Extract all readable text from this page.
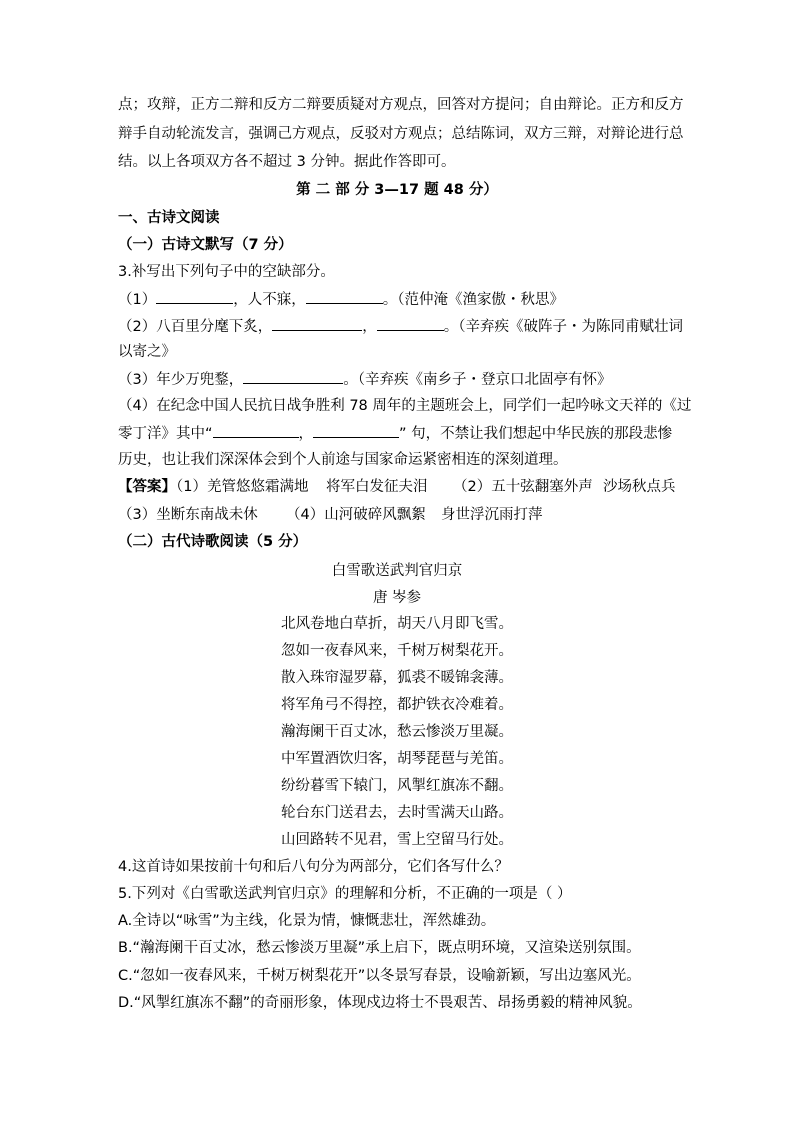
点；攻辩，正方二辩和反方二辩要质疑对方观点，回答对方提问；自由辩论。正方和反方
辩手自动轮流发言，强调己方观点，反驳对方观点；总结陈词，双方三辩，对辩论进行总
结。以上各项双方各不超过 3 分钟。据此作答即可。
第 二 部 分 3—17 题 48 分）
一、古诗文阅读
（一）古诗文默写（7 分）
3.补写出下列句子中的空缺部分。
（1）	，人不寐，	。（范仲淹《渔家傲・秋思》
（2）八百里分麾下炙，	，	。（辛弃疾《破阵子・为陈同甫赋壮词
以寄之》
（3）年少万兜鍪，	。（辛弃疾《南乡子・登京口北固亭有怀》
（4）在纪念中国人民抗日战争胜利 78 周年的主题班会上，同学们一起吟咏文天祥的《过
零丁洋》其中“	，	” 句，不禁让我们想起中华民族的那段悲惨
历史，也让我们深深体会到个人前途与国家命运紧密相连的深刻道理。
【答案】（1）羌管悠悠霜满地 将军白发征夫泪 （2）五十弦翻塞外声 沙场秋点兵
（3）坐断东南战未休 （4）山河破碎风飘絮 身世浮沉雨打萍
（二）古代诗歌阅读（5 分）
白雪歌送武判官归京
唐 岑参
北风卷地白草折，胡天八月即飞雪。
忽如一夜春风来，千树万树梨花开。
散入珠帘湿罗幕，狐裘不暖锦衾薄。
将军角弓不得控，都护铁衣冷难着。
瀚海阑干百丈冰，愁云惨淡万里凝。
中军置酒饮归客，胡琴琵琶与羌笛。
纷纷暮雪下辕门，风掣红旗冻不翻。
轮台东门送君去，去时雪满天山路。
山回路转不见君，雪上空留马行处。
4.这首诗如果按前十句和后八句分为两部分，它们各写什么？
5.下列对《白雪歌送武判官归京》的理解和分析，不正确的一项是（ ）
A.全诗以“咏雪”为主线，化景为情，慷慨悲壮，浑然雄劲。
B.“瀚海阑干百丈冰，愁云惨淡万里凝”承上启下，既点明环境，又渲染送别氛围。
C.“忽如一夜春风来，千树万树梨花开”以冬景写春景，设喻新颖，写出边塞风光。
D.“风掣红旗冻不翻”的奇丽形象，体现戍边将士不畏艰苦、昂扬勇毅的精神风貌。
